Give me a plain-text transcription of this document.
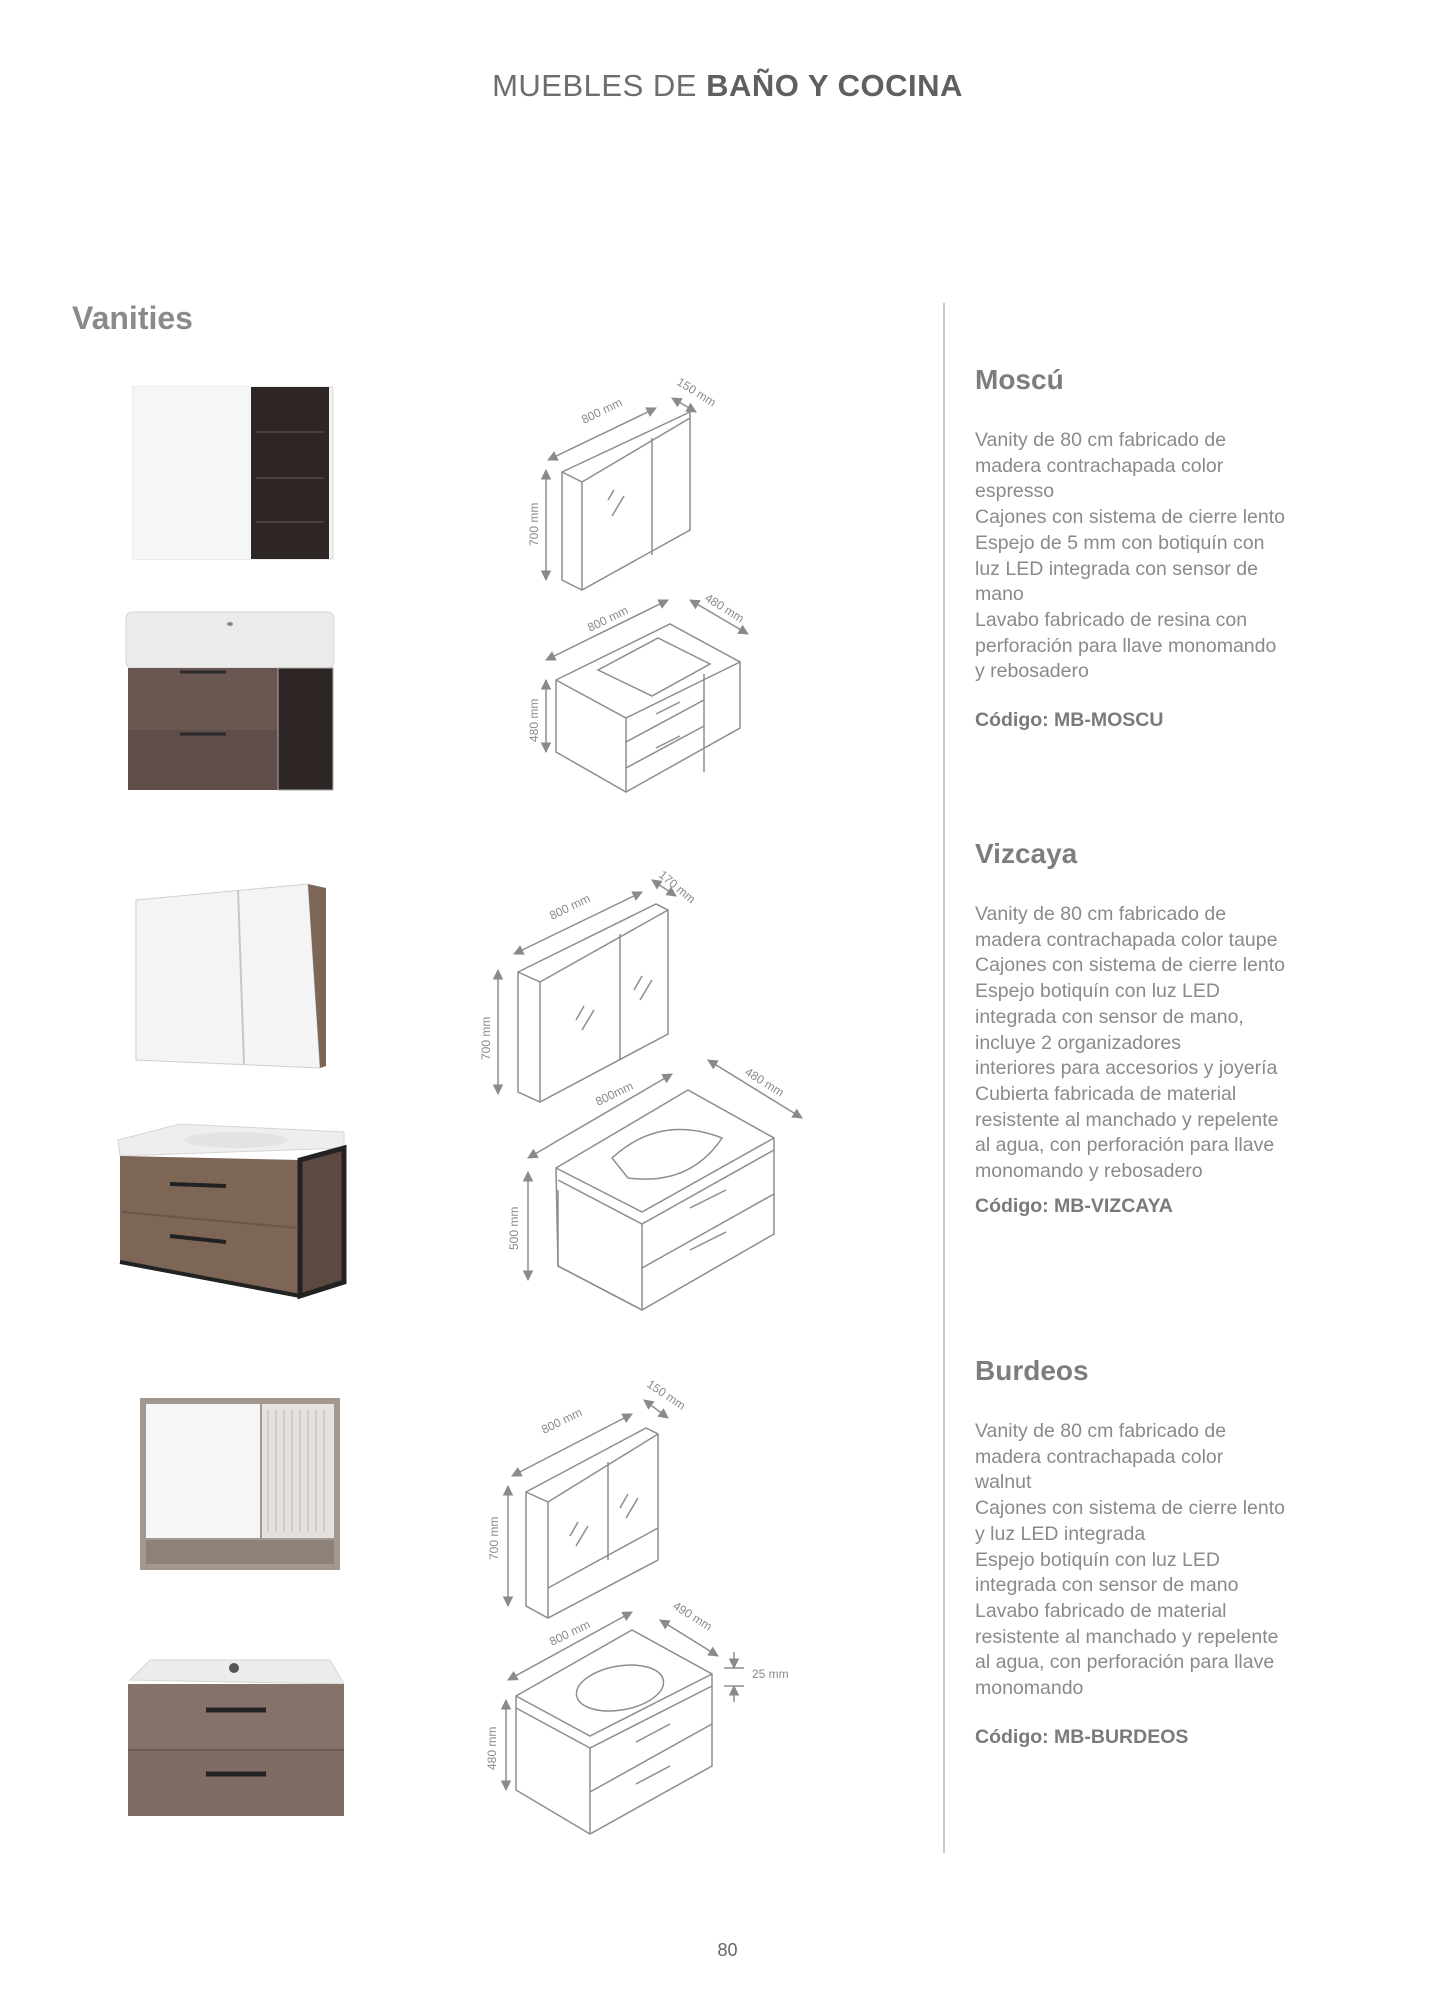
MUEBLES DE BAÑO Y COCINA
Vanities
800 mm
150 mm
700 mm
800 mm	480 mm
480 mm
800 mm
170 mm
700 mm
800mm	480 mm
500 mm
800 mm
150 mm
700 mm
800 mm	490 mm
480 mm
25 mm
Moscú
Vanity de 80 cm fabricado de
madera contrachapada color
espresso
Cajones con sistema de cierre lento
Espejo de 5 mm con botiquín con
luz LED integrada con sensor de
mano
Lavabo fabricado de resina con
perforación para llave monomando
y rebosadero
Código: MB-MOSCU
Vizcaya
Vanity de 80 cm fabricado de
madera contrachapada color taupe
Cajones con sistema de cierre lento
Espejo botiquín con luz LED
integrada con sensor de mano,
incluye 2 organizadores
interiores para accesorios y joyería
Cubierta fabricada de material
resistente al manchado y repelente
al agua, con perforación para llave
monomando y rebosadero
Código: MB-VIZCAYA
Burdeos
Vanity de 80 cm fabricado de
madera contrachapada color
walnut
Cajones con sistema de cierre lento
y luz LED integrada
Espejo botiquín con luz LED
integrada con sensor de mano
Lavabo fabricado de material
resistente al manchado y repelente
al agua, con perforación para llave
monomando
Código: MB-BURDEOS
80
